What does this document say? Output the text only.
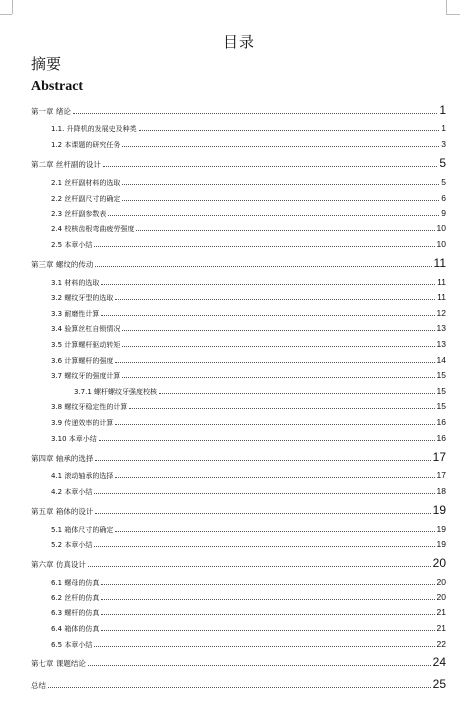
目录
摘要
Abstract
第一章 绪论	1
1.1. 升降机的发展史及种类	1
1.2 本课题的研究任务	3
第二章 丝杆副的设计	5
2.1 丝杆副材料的选取	5
2.2 丝杆副尺寸的确定	6
2.3 丝杆副参数表	9
2.4 校核齿根弯曲疲劳强度	10
2.5 本章小结	10
第三章 螺纹的传动	11
3.1 材料的选取	11
3.2 螺纹牙型的选取	11
3.3 耐磨性计算	12
3.4 验算丝杠自锁情况	13
3.5 计算螺杆驱动转矩	13
3.6 计算螺杆的强度	14
3.7 螺纹牙的强度计算	15
3.7.1 螺杆螺纹牙强度校核	15
3.8 螺纹牙稳定性的计算	15
3.9 传递效率的计算	16
3.10 本章小结	16
第四章 轴承的选择	17
4.1 滚动轴承的选择	17
4.2 本章小结	18
第五章 箱体的设计	19
5.1 箱体尺寸的确定	19
5.2 本章小结	19
第六章 仿真设计	20
6.1 螺母的仿真	20
6.2 丝杆的仿真	20
6.3 螺杆的仿真	21
6.4 箱体的仿真	21
6.5 本章小结	22
第七章 课题结论	24
总结	25
